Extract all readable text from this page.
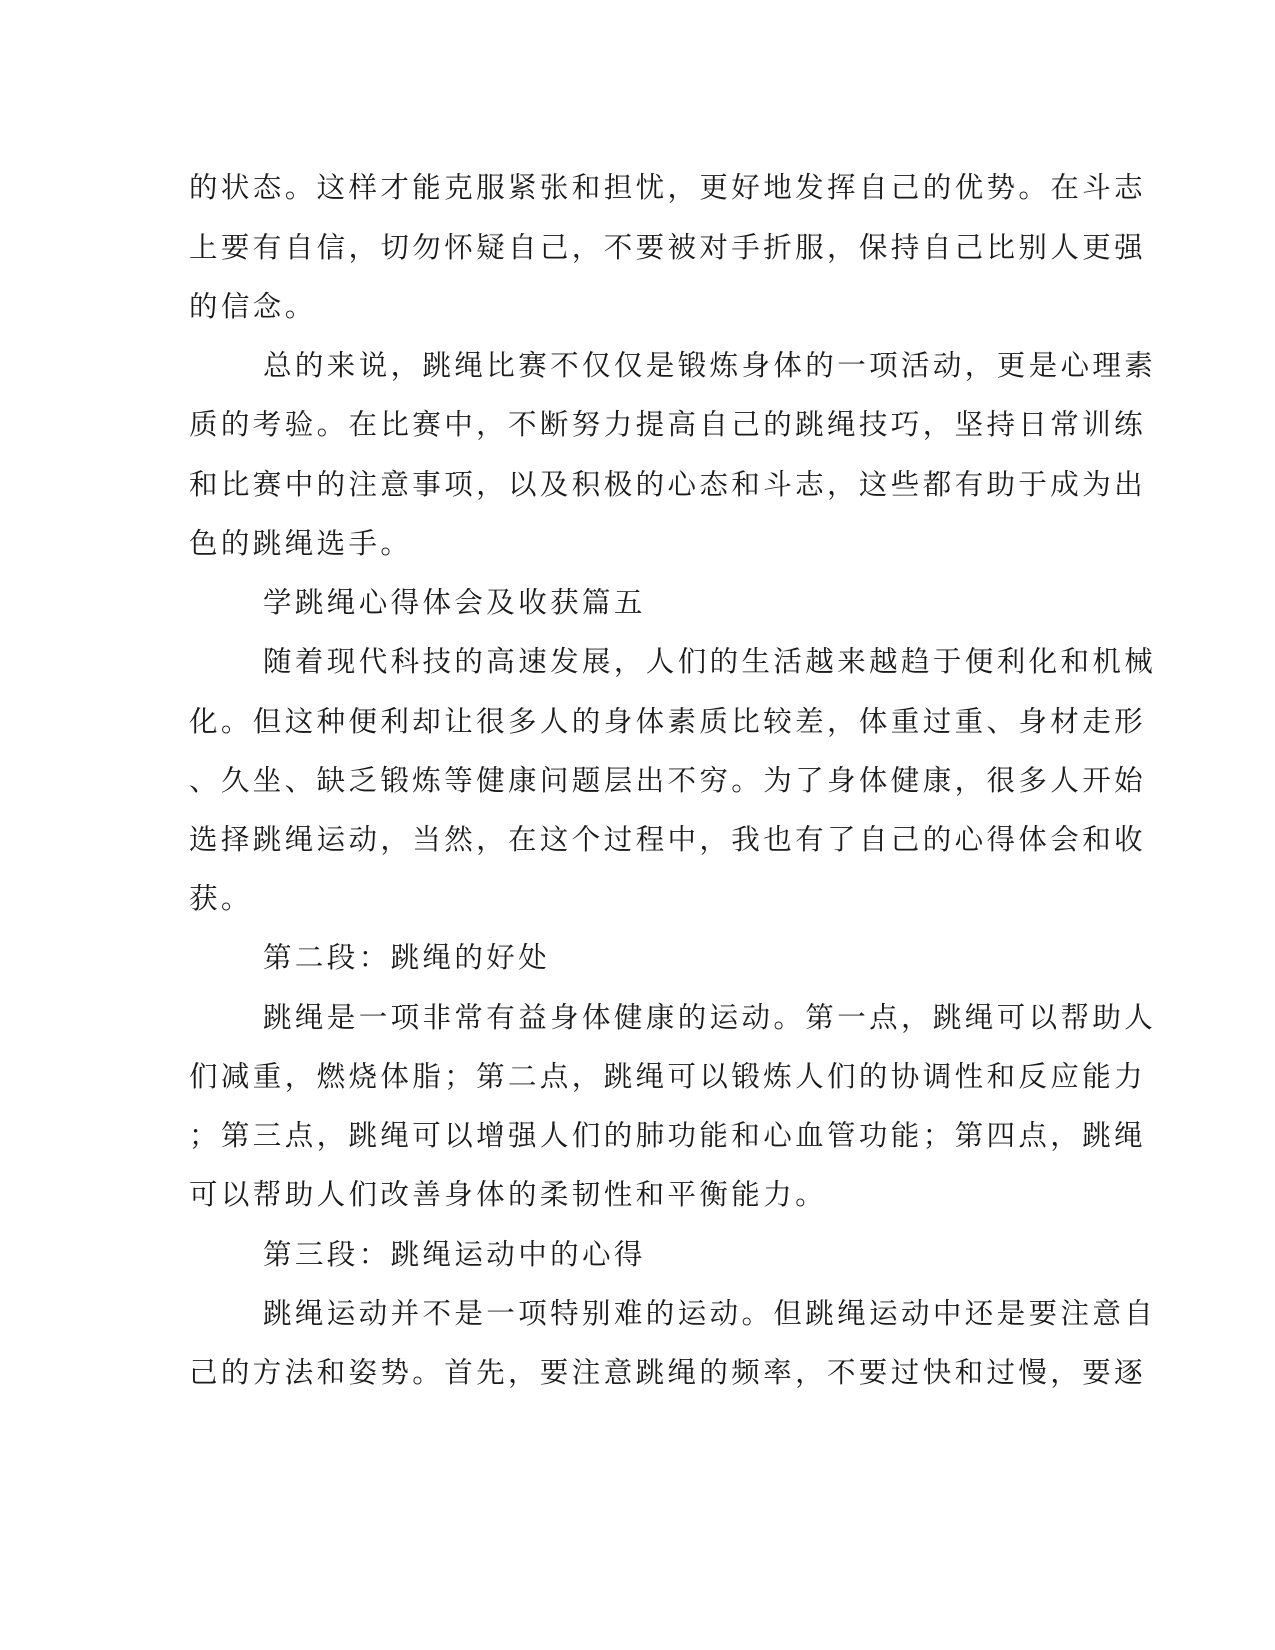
的状态。这样才能克服紧张和担忧，更好地发挥自己的优势。在斗志
上要有自信，切勿怀疑自己，不要被对手折服，保持自己比别人更强
的信念。
总的来说，跳绳比赛不仅仅是锻炼身体的一项活动，更是心理素
质的考验。在比赛中，不断努力提高自己的跳绳技巧，坚持日常训练
和比赛中的注意事项，以及积极的心态和斗志，这些都有助于成为出
色的跳绳选手。
学跳绳心得体会及收获篇五
随着现代科技的高速发展，人们的生活越来越趋于便利化和机械
化。但这种便利却让很多人的身体素质比较差，体重过重、身材走形
、久坐、缺乏锻炼等健康问题层出不穷。为了身体健康，很多人开始
选择跳绳运动，当然，在这个过程中，我也有了自己的心得体会和收
获。
第二段：跳绳的好处
跳绳是一项非常有益身体健康的运动。第一点，跳绳可以帮助人
们减重，燃烧体脂；第二点，跳绳可以锻炼人们的协调性和反应能力
；第三点，跳绳可以增强人们的肺功能和心血管功能；第四点，跳绳
可以帮助人们改善身体的柔韧性和平衡能力。
第三段：跳绳运动中的心得
跳绳运动并不是一项特别难的运动。但跳绳运动中还是要注意自
己的方法和姿势。首先，要注意跳绳的频率，不要过快和过慢，要逐
